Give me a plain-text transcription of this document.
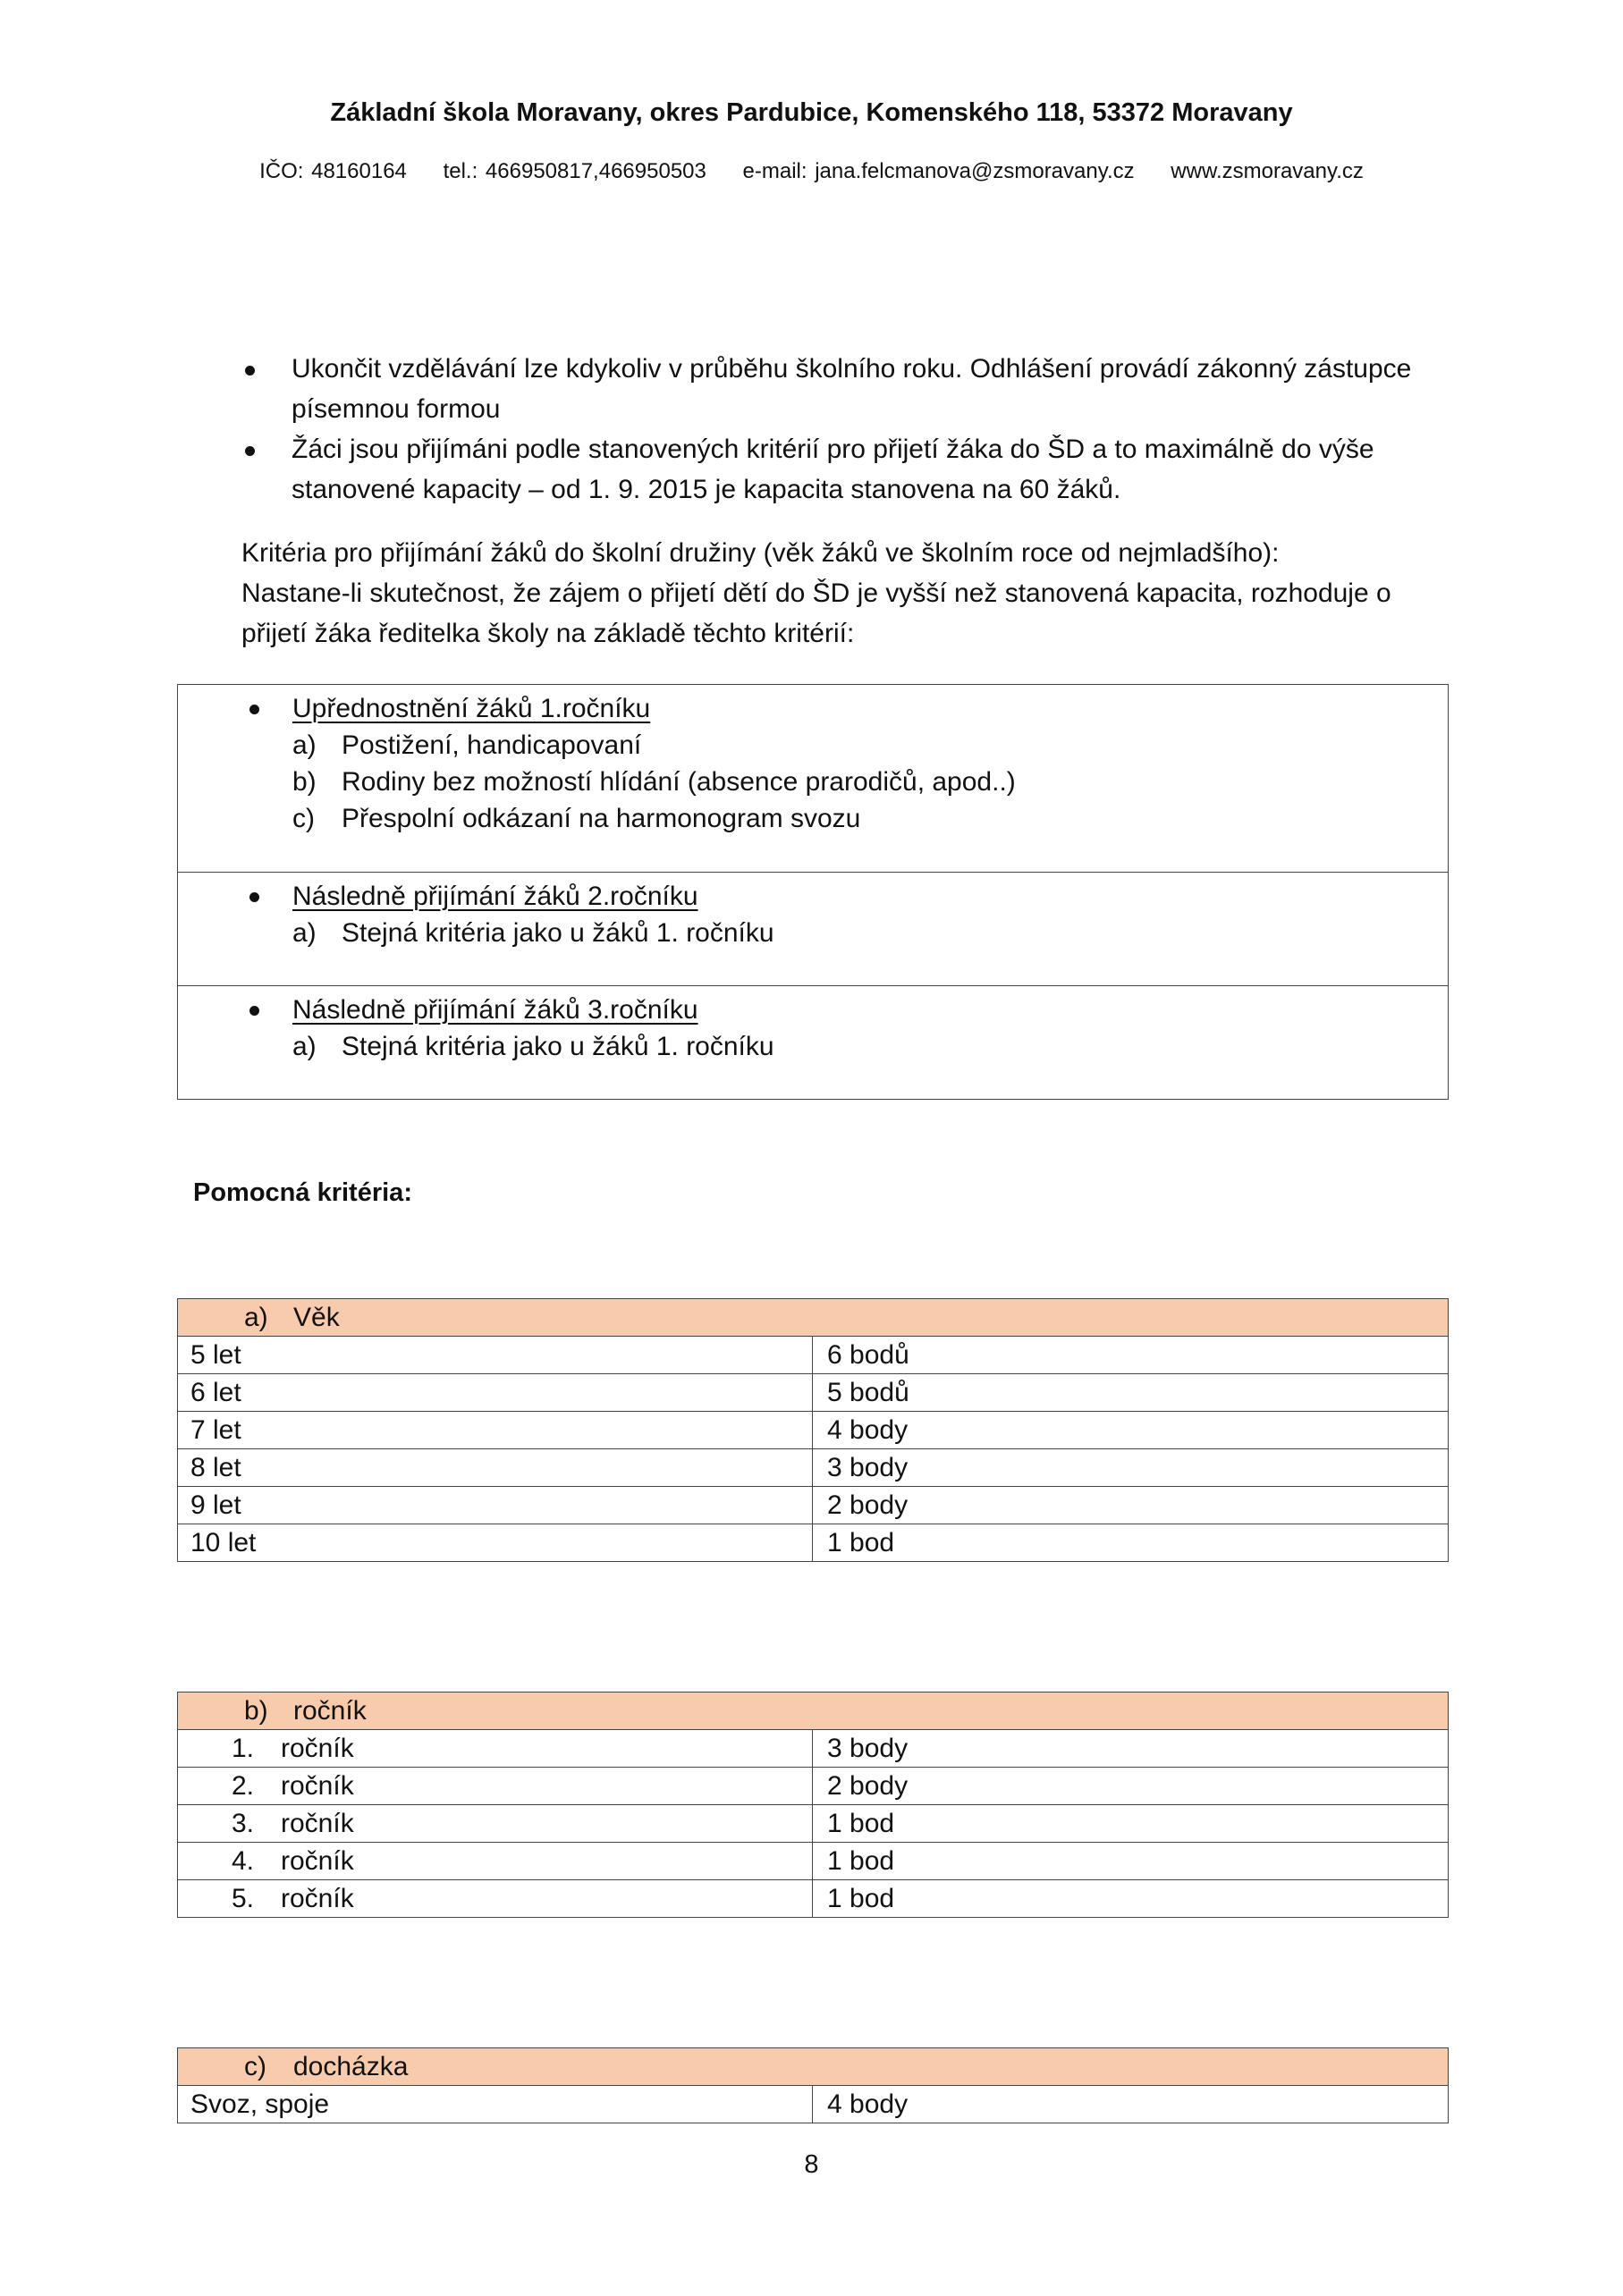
Základní škola Moravany, okres Pardubice, Komenského 118, 53372 Moravany
IČO: 48160164 tel.: 466950817,466950503 e-mail: jana.felcmanova@zsmoravany.cz www.zsmoravany.cz
Ukončit vzdělávání lze kdykoliv v průběhu školního roku. Odhlášení provádí zákonný zástupce
písemnou formou
Žáci jsou přijímáni podle stanovených kritérií pro přijetí žáka do ŠD a to maximálně do výše
stanovené kapacity – od 1. 9. 2015 je kapacita stanovena na 60 žáků.
Kritéria pro přijímání žáků do školní družiny (věk žáků ve školním roce od nejmladšího):
Nastane-li skutečnost, že zájem o přijetí dětí do ŠD je vyšší než stanovená kapacita, rozhoduje o
přijetí žáka ředitelka školy na základě těchto kritérií:
Upřednostnění žáků 1.ročníku
a) Postižení, handicapovaní
b) Rodiny bez možností hlídání (absence prarodičů, apod..)
c)	Přespolní odkázaní na harmonogram svozu
Následně přijímání žáků 2.ročníku
a) Stejná kritéria jako u žáků 1. ročníku
Následně přijímání žáků 3.ročníku
a) Stejná kritéria jako u žáků 1. ročníku
Pomocná kritéria:
a) Věk	
5 let	6 bodů
6 let	5 bodů
7 let	4 body
8 let	3 body
9 let	2 body
10 let	1 bod
b) ročník	
1. ročník	3 body
2. ročník	2 body
3. ročník	1 bod
4. ročník	1 bod
5. ročník	1 bod
c) docházka
Svoz, spoje	4 body
8
